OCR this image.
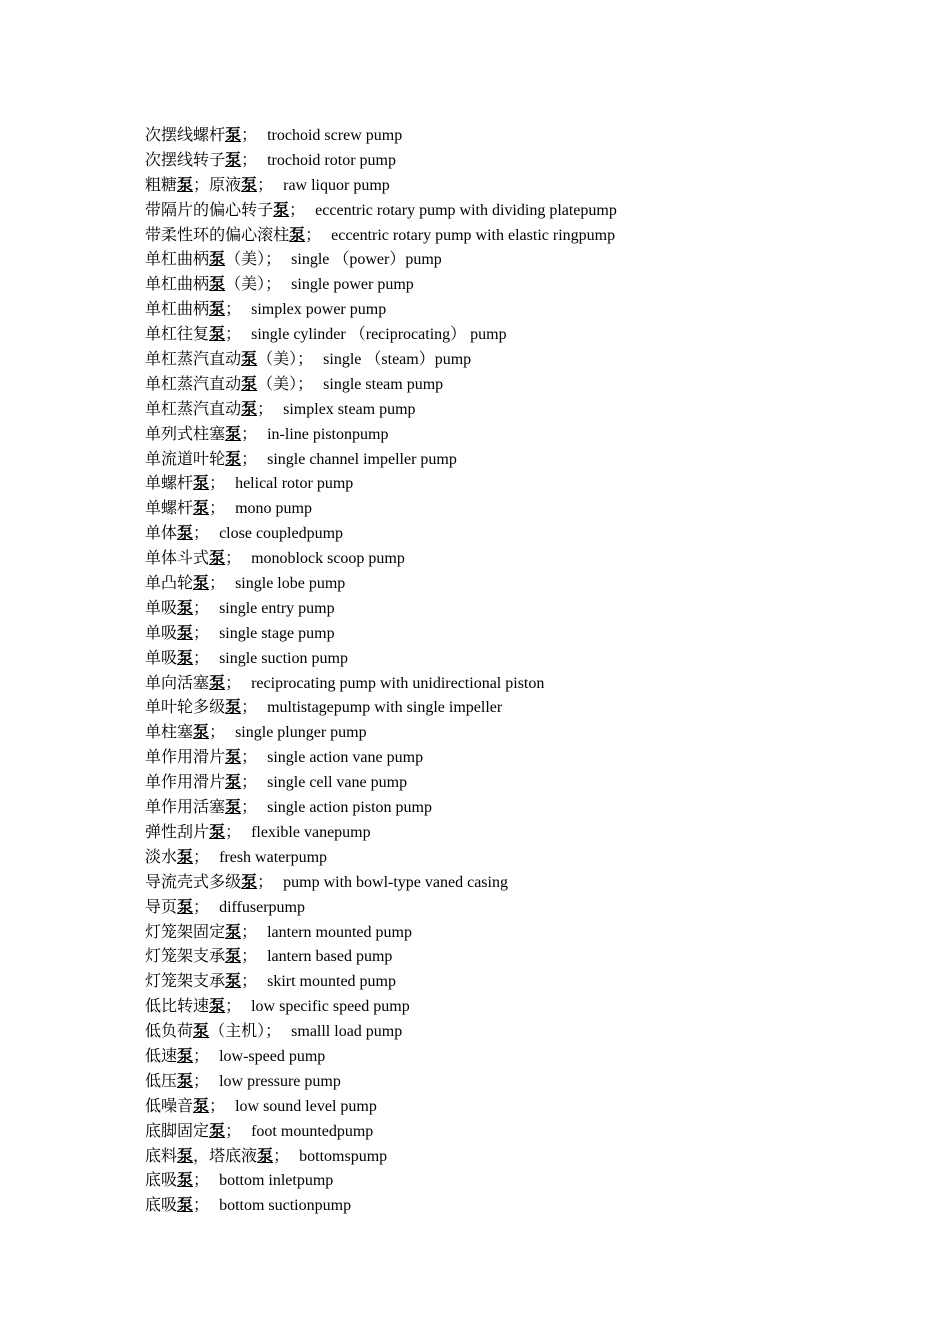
次摆线螺杆泵； trochoid screw pump
次摆线转子泵； trochoid rotor pump
粗糖泵；原液泵； raw liquor pump
带隔片的偏心转子泵； eccentric rotary pump with dividing platepump
带柔性环的偏心滚柱泵； eccentric rotary pump with elastic ringpump
单杠曲柄泵（美）； single （power）pump
单杠曲柄泵（美）； single power pump
单杠曲柄泵； simplex power pump
单杠往复泵； single cylinder （reciprocating） pump
单杠蒸汽直动泵（美）； single （steam）pump
单杠蒸汽直动泵（美）； single steam pump
单杠蒸汽直动泵； simplex steam pump
单列式柱塞泵； in-line pistonpump
单流道叶轮泵； single channel impeller pump
单螺杆泵； helical rotor pump
单螺杆泵； mono pump
单体泵； close coupledpump
单体斗式泵； monoblock scoop pump
单凸轮泵； single lobe pump
单吸泵； single entry pump
单吸泵； single stage pump
单吸泵； single suction pump
单向活塞泵； reciprocating pump with unidirectional piston
单叶轮多级泵； multistagepump with single impeller
单柱塞泵； single plunger pump
单作用滑片泵； single action vane pump
单作用滑片泵； single cell vane pump
单作用活塞泵； single action piston pump
弹性刮片泵； flexible vanepump
淡水泵； fresh waterpump
导流壳式多级泵； pump with bowl-type vaned casing
导页泵； diffuserpump
灯笼架固定泵； lantern mounted pump
灯笼架支承泵； lantern based pump
灯笼架支承泵； skirt mounted pump
低比转速泵； low specific speed pump
低负荷泵（主机）； smalll load pump
低速泵； low-speed pump
低压泵； low pressure pump
低噪音泵； low sound level pump
底脚固定泵； foot mountedpump
底料泵，塔底液泵； bottomspump
底吸泵； bottom inletpump
底吸泵； bottom suctionpump
